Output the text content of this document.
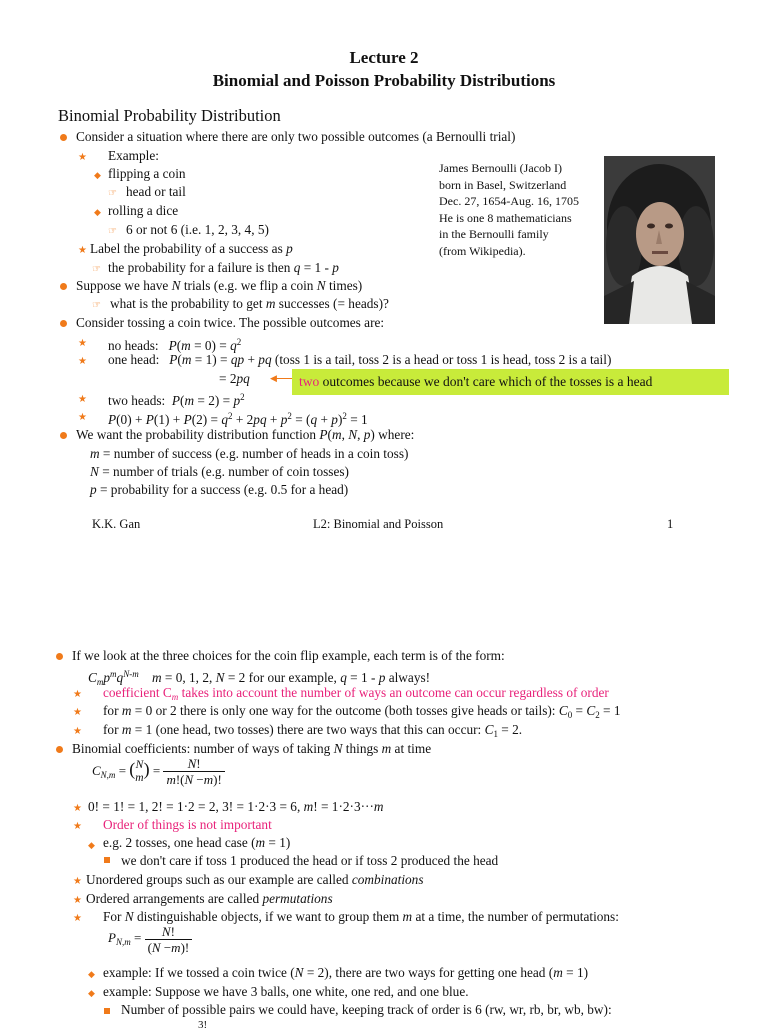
Lecture 2
Binomial and Poisson Probability Distributions
Binomial Probability Distribution
Consider a situation where there are only two possible outcomes (a Bernoulli trial)
★ Example:
◆ flipping a coin
☞ head or tail
◆ rolling a dice
☞ 6 or not 6 (i.e. 1, 2, 3, 4, 5)
★ Label the probability of a success as p
☞ the probability for a failure is then q = 1 - p
Suppose we have N trials (e.g. we flip a coin N times)
☞ what is the probability to get m successes (= heads)?
Consider tossing a coin twice. The possible outcomes are:
★ no heads:   $P(m = 0) = q^2$
★ one head:   P(m = 1) = qp + pq (toss 1 is a tail, toss 2 is a head or toss 1 is head, toss 2 is a tail)
= 2pq ◀	two outcomes because we don't care which of the tosses is a head
★ two heads:  $P(m = 2) = p^2$
★ $P(0) + P(1) + P(2) = q^2 + 2pq + p^2 = (q + p)^2 = 1$
We want the probability distribution function P(m, N, p) where:
m = number of success (e.g. number of heads in a coin toss)
N = number of trials (e.g. number of coin tosses)
p = probability for a success (e.g. 0.5 for a head)
James Bernoulli (Jacob I)
born in Basel, Switzerland
Dec. 27, 1654-Aug. 16, 1705
He is one 8 mathematicians
in the Bernoulli family
(from Wikipedia).
K.K. Gan	L2: Binomial and Poisson	1
If we look at the three choices for the coin flip example, each term is of the form:
$C_mp^mq^{N-m}$ m = 0, 1, 2, N = 2 for our example, q = 1 - p always!
★ coefficient $C_m$ takes into account the number of ways an outcome can occur regardless of order
★ for m = 0 or 2 there is only one way for the outcome (both tosses give heads or tails): $C_0 = C_2 = 1$
★ for m = 1 (one head, two tosses) there are two ways that this can occur: $C_1 = 2$.
Binomial coefficients: number of ways of taking N things m at time
$C_{N,m} = (N$
$m) = \frac{N!}{m!(N -m)!}$
★ 0! = 1! = 1, 2! = 1·2 = 2, 3! = 1·2·3 = 6, m! = 1·2·3···m
★ Order of things is not important
◆ e.g. 2 tosses, one head case (m = 1)
we don't care if toss 1 produced the head or if toss 2 produced the head
★ Unordered groups such as our example are called combinations
★ Ordered arrangements are called permutations
★ For N distinguishable objects, if we want to group them m at a time, the number of permutations:
$P_{N,m} = \frac{N!}{(N -m)!}$
◆ example: If we tossed a coin twice (N = 2), there are two ways for getting one head (m = 1)
◆ example: Suppose we have 3 balls, one white, one red, and one blue.
Number of possible pairs we could have, keeping track of order is 6 (rw, wr, rb, br, wb, bw):
3!
